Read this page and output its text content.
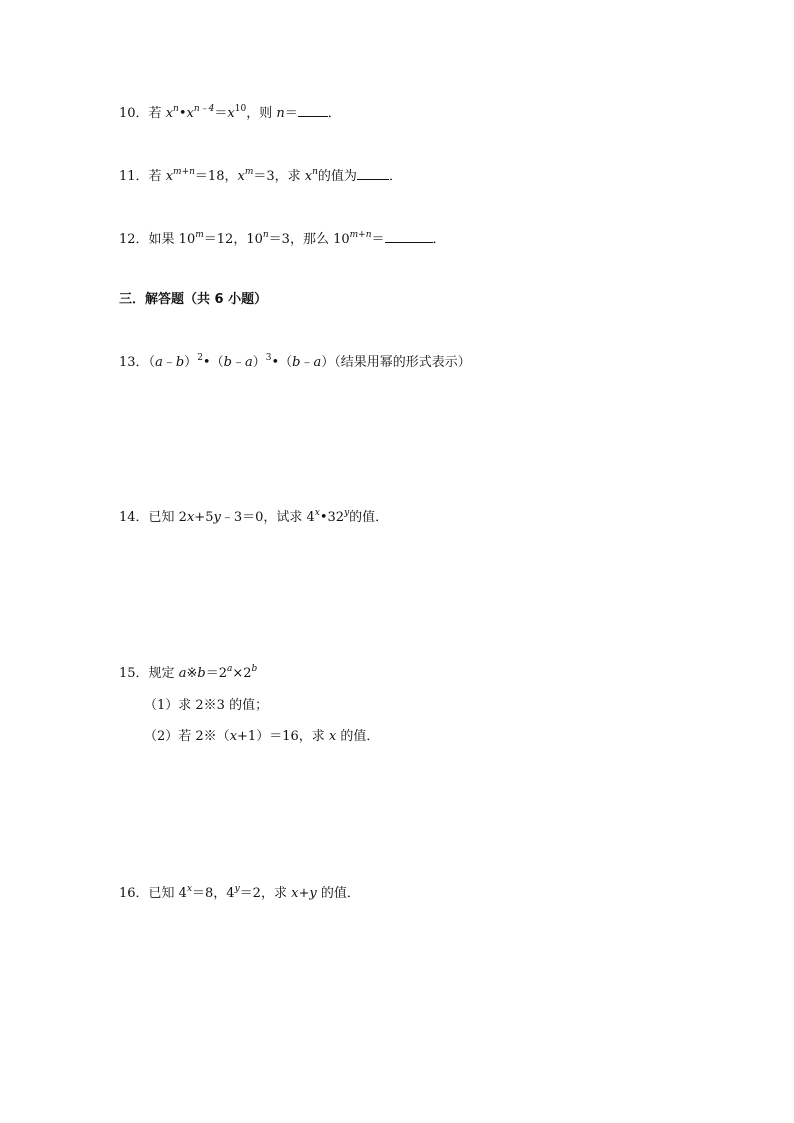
10．若 $x^n•x^{n﹣4}=x^{10}$，则 n＝ ．
11．若 $x^{m+n}=18$，$x^m=3$，求 $x^n$的值为 ．
12．如果 $10^m=12$，$10^n=3$，那么 $10^{m+n}=$	．
三．解答题（共 6 小题）
13．（a﹣b）$^2$•（b﹣a）$^3$•（b﹣a）（结果用幂的形式表示）
14．已知 2x+5y﹣3＝0，试求 4$^x$•32$^y$的值．
15．规定 $a※b=2^a\times 2^b$
（1）求 2※3 的值；
（2）若 2※（x+1）＝16，求 x 的值．
16．已知 $4^x=8$，$4^y=2$，求 x+y 的值．
